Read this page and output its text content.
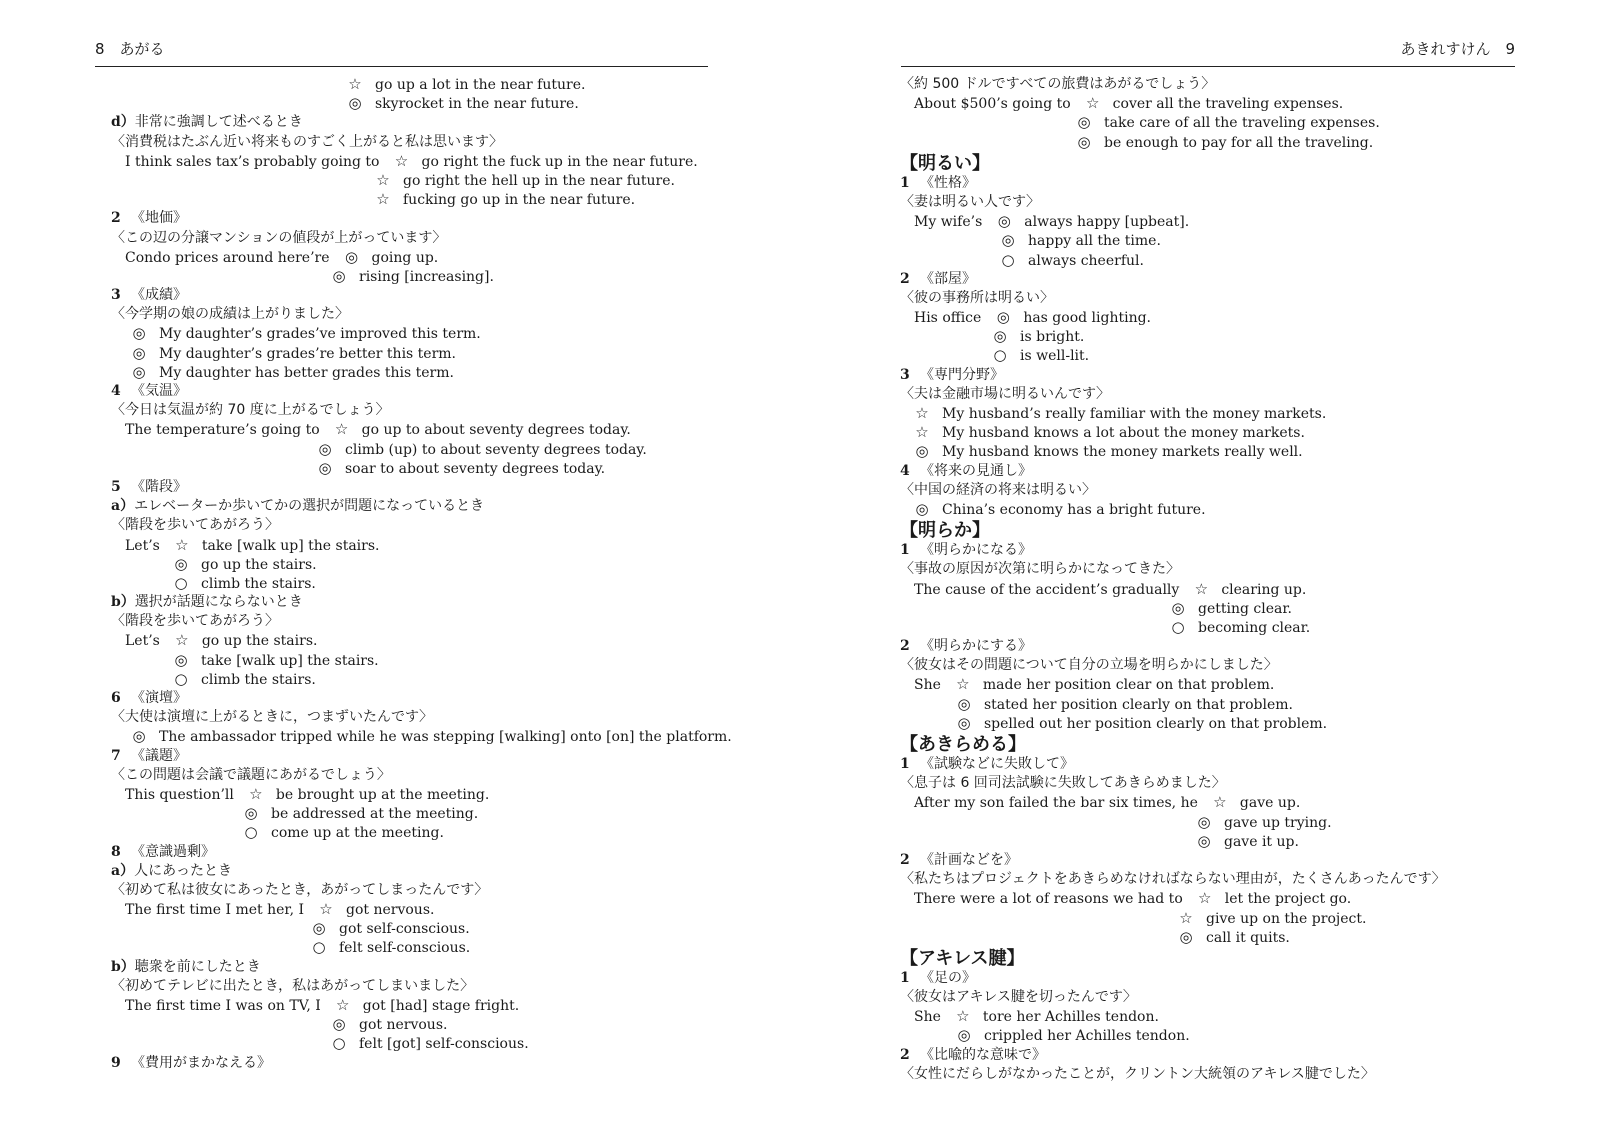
8　あがる
☆ go up a lot in the near future.
◎ skyrocket in the near future.
d） 非常に強調して述べるとき
〈消費税はたぶん近い将来ものすごく上がると私は思います〉
I think sales tax’s probably going to	☆ go right the fuck up in the near future.
☆ go right the hell up in the near future.
☆ fucking go up in the near future.
2 《地価》
〈この辺の分譲マンションの値段が上がっています〉
Condo prices around here’re	◎ going up.
◎ rising [increasing].
3 《成績》
〈今学期の娘の成績は上がりました〉
◎ My daughter’s grades’ve improved this term.
◎ My daughter’s grades’re better this term.
◎ My daughter has better grades this term.
4 《気温》
〈今日は気温が約 70 度に上がるでしょう〉
The temperature’s going to	☆ go up to about seventy degrees today.
◎ climb (up) to about seventy degrees today.
◎ soar to about seventy degrees today.
5 《階段》
a） エレベーターか歩いてかの選択が問題になっているとき
〈階段を歩いてあがろう〉
Let’s	☆ take [walk up] the stairs.
◎ go up the stairs.
○ climb the stairs.
b） 選択が話題にならないとき
〈階段を歩いてあがろう〉
Let’s	☆ go up the stairs.
◎ take [walk up] the stairs.
○ climb the stairs.
6 《演壇》
〈大使は演壇に上がるときに，つまずいたんです〉
◎ The ambassador tripped while he was stepping [walking] onto [on] the platform.
7 《議題》
〈この問題は会議で議題にあがるでしょう〉
This question’ll	☆ be brought up at the meeting.
◎ be addressed at the meeting.
○ come up at the meeting.
8 《意識過剰》
a） 人にあったとき
〈初めて私は彼女にあったとき，あがってしまったんです〉
The first time I met her, I	☆ got nervous.
◎ got self-conscious.
○ felt self-conscious.
b） 聴衆を前にしたとき
〈初めてテレビに出たとき，私はあがってしまいました〉
The first time I was on TV, I	☆ got [had] stage fright.
◎ got nervous.
○ felt [got] self-conscious.
9 《費用がまかなえる》
あきれすけん　9
〈約 500 ドルですべての旅費はあがるでしょう〉
About $500’s going to	☆ cover all the traveling expenses.
◎ take care of all the traveling expenses.
◎ be enough to pay for all the traveling.
【明るい】
1 《性格》
〈妻は明るい人です〉
My wife’s	◎ always happy [upbeat].
◎ happy all the time.
○ always cheerful.
2 《部屋》
〈彼の事務所は明るい〉
His office	◎ has good lighting.
◎ is bright.
○ is well-lit.
3 《専門分野》
〈夫は金融市場に明るいんです〉
☆ My husband’s really familiar with the money markets.
☆ My husband knows a lot about the money markets.
◎ My husband knows the money markets really well.
4 《将来の見通し》
〈中国の経済の将来は明るい〉
◎ China’s economy has a bright future.
【明らか】
1 《明らかになる》
〈事故の原因が次第に明らかになってきた〉
The cause of the accident’s gradually	☆ clearing up.
◎ getting clear.
○ becoming clear.
2 《明らかにする》
〈彼女はその問題について自分の立場を明らかにしました〉
She	☆ made her position clear on that problem.
◎ stated her position clearly on that problem.
◎ spelled out her position clearly on that problem.
【あきらめる】
1 《試験などに失敗して》
〈息子は 6 回司法試験に失敗してあきらめました〉
After my son failed the bar six times, he	☆ gave up.
◎ gave up trying.
◎ gave it up.
2 《計画などを》
〈私たちはプロジェクトをあきらめなければならない理由が，たくさんあったんです〉
There were a lot of reasons we had to	☆ let the project go.
☆ give up on the project.
◎ call it quits.
【アキレス腱】
1 《足の》
〈彼女はアキレス腱を切ったんです〉
She	☆ tore her Achilles tendon.
◎ crippled her Achilles tendon.
2 《比喩的な意味で》
〈女性にだらしがなかったことが，クリントン大統領のアキレス腱でした〉
